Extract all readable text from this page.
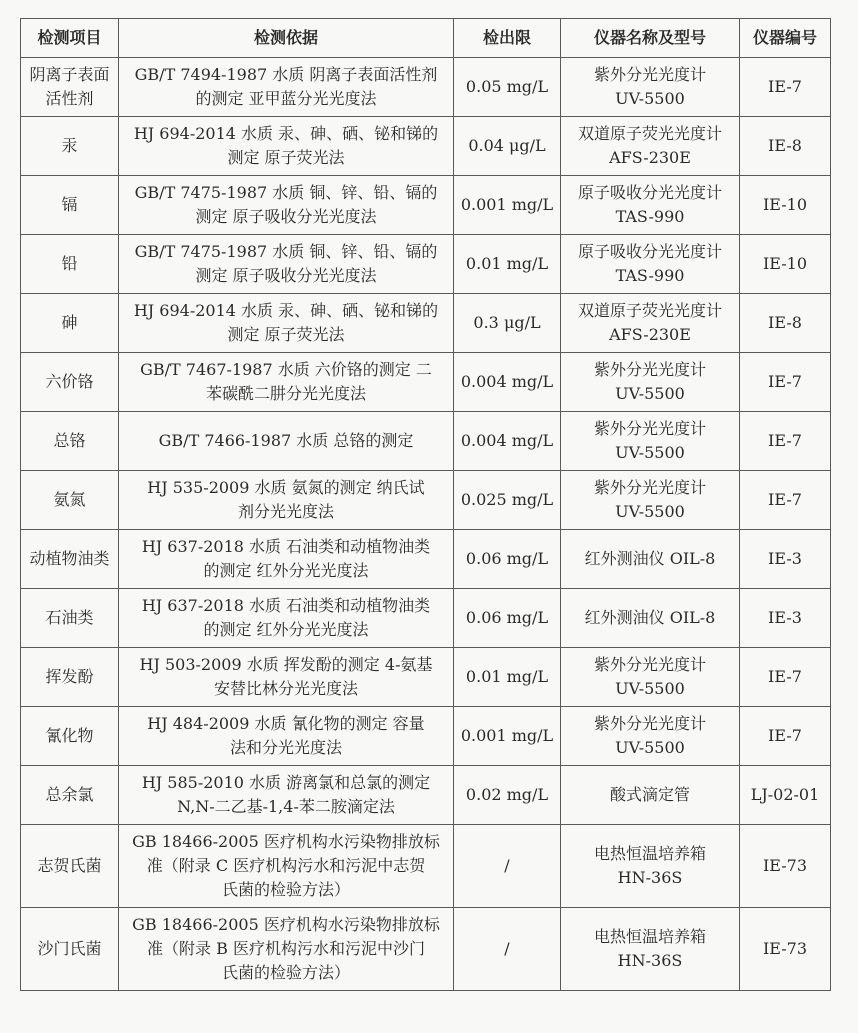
检测项目	检测依据	检出限	仪器名称及型号	仪器编号

阴离子表面
活性剂	GB/T 7494-1987 水质 阴离子表面活性剂
的测定 亚甲蓝分光光度法	0.05 mg/L	紫外分光光度计
UV-5500	IE-7

汞	HJ 694-2014 水质 汞、砷、硒、铋和锑的
测定 原子荧光法	0.04 μg/L	双道原子荧光光度计
AFS-230E	IE-8

镉	GB/T 7475-1987 水质 铜、锌、铅、镉的
测定 原子吸收分光光度法	0.001 mg/L	原子吸收分光光度计
TAS-990	IE-10

铅	GB/T 7475-1987 水质 铜、锌、铅、镉的
测定 原子吸收分光光度法	0.01 mg/L	原子吸收分光光度计
TAS-990	IE-10

砷	HJ 694-2014 水质 汞、砷、硒、铋和锑的
测定 原子荧光法	0.3 μg/L	双道原子荧光光度计
AFS-230E	IE-8

六价铬	GB/T 7467-1987 水质 六价铬的测定 二
苯碳酰二肼分光光度法	0.004 mg/L	紫外分光光度计
UV-5500	IE-7

总铬	GB/T 7466-1987 水质 总铬的测定	0.004 mg/L	紫外分光光度计
UV-5500	IE-7

氨氮	HJ 535-2009 水质 氨氮的测定 纳氏试
剂分光光度法	0.025 mg/L	紫外分光光度计
UV-5500	IE-7

动植物油类	HJ 637-2018 水质 石油类和动植物油类
的测定 红外分光光度法	0.06 mg/L	红外测油仪 OIL-8	IE-3

石油类	HJ 637-2018 水质 石油类和动植物油类
的测定 红外分光光度法	0.06 mg/L	红外测油仪 OIL-8	IE-3

挥发酚	HJ 503-2009 水质 挥发酚的测定 4-氨基
安替比林分光光度法	0.01 mg/L	紫外分光光度计
UV-5500	IE-7

氰化物	HJ 484-2009 水质 氰化物的测定 容量
法和分光光度法	0.001 mg/L	紫外分光光度计
UV-5500	IE-7

总余氯	HJ 585-2010 水质 游离氯和总氯的测定
N,N-二乙基-1,4-苯二胺滴定法	0.02 mg/L	酸式滴定管	LJ-02-01

志贺氏菌	GB 18466-2005 医疗机构水污染物排放标
准（附录 C 医疗机构污水和污泥中志贺
氏菌的检验方法）	/	电热恒温培养箱
HN-36S	IE-73

沙门氏菌	GB 18466-2005 医疗机构水污染物排放标
准（附录 B 医疗机构污水和污泥中沙门
氏菌的检验方法）	/	电热恒温培养箱
HN-36S	IE-73
